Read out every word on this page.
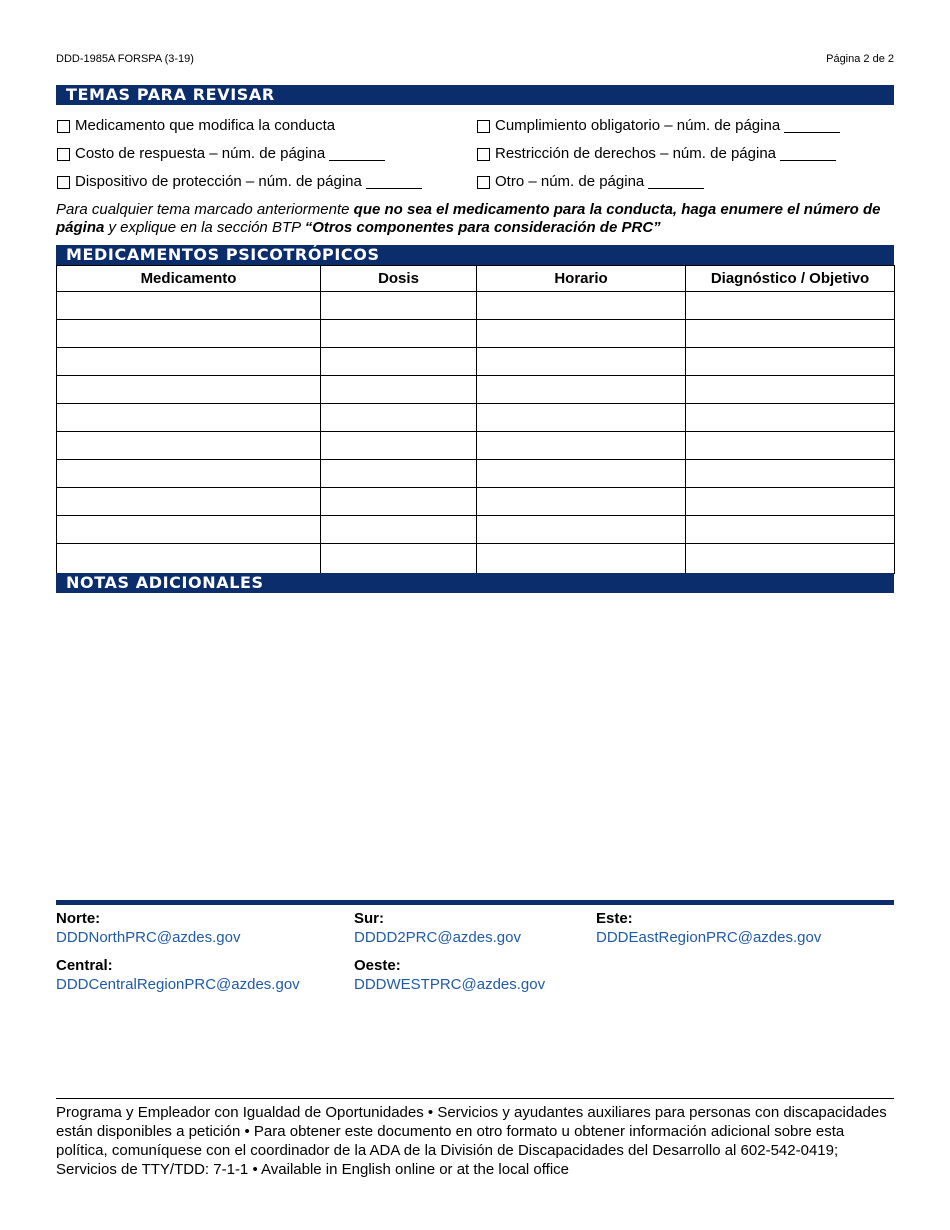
DDD-1985A FORSPA (3-19)	Página 2 de 2
TEMAS PARA REVISAR
Medicamento que modifica la conducta
Costo de respuesta – núm. de página
Dispositivo de protección – núm. de página
Cumplimiento obligatorio – núm. de página
Restricción de derechos – núm. de página
Otro – núm. de página
Para cualquier tema marcado anteriormente que no sea el medicamento para la conducta, haga enumere el número de página y explique en la sección BTP “Otros componentes para consideración de PRC”
MEDICAMENTOS PSICOTRÓPICOS
Medicamento	Dosis	Horario	Diagnóstico / Objetivo

NOTAS ADICIONALES
Norte:
DDDNorthPRC@azdes.gov
Sur:
DDDD2PRC@azdes.gov
Este:
DDDEastRegionPRC@azdes.gov
Central:
DDDCentralRegionPRC@azdes.gov
Oeste:
DDDWESTPRC@azdes.gov
Programa y Empleador con Igualdad de Oportunidades • Servicios y ayudantes auxiliares para personas con discapacidades están disponibles a petición • Para obtener este documento en otro formato u obtener información adicional sobre esta política, comuníquese con el coordinador de la ADA de la División de Discapacidades del Desarrollo al 602-542-0419; Servicios de TTY/TDD: 7-1-1 • Available in English online or at the local office
